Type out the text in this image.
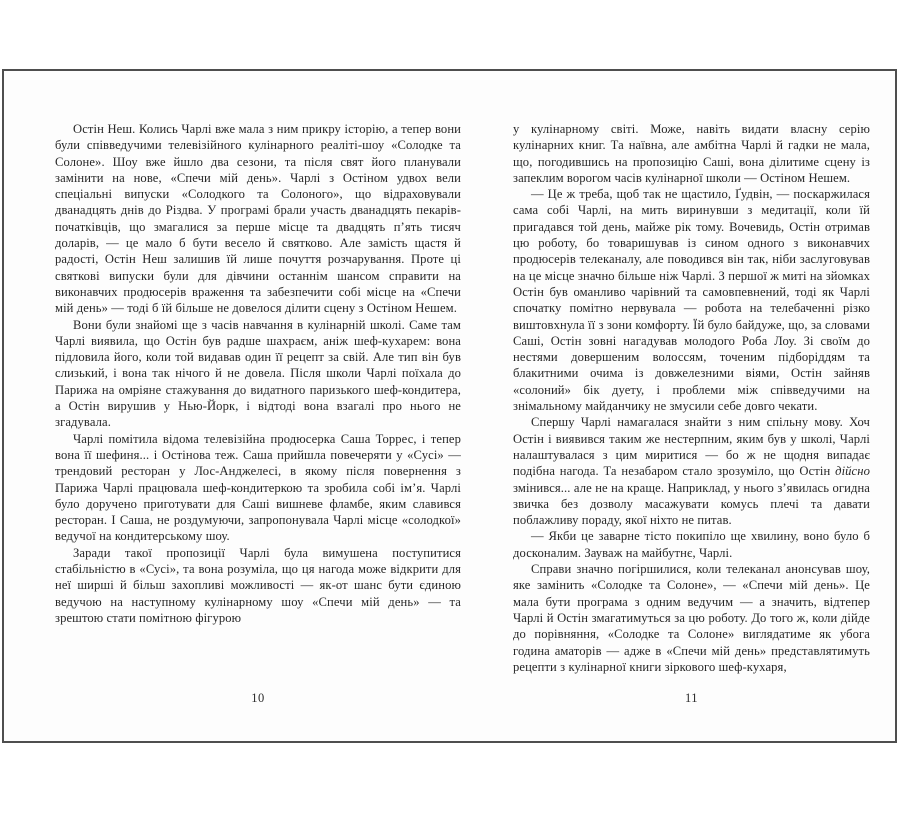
Остін Неш. Колись Чарлі вже мала з ним прикру історію, а тепер вони були співведучими телевізійного кулінарного реаліті-шоу «Солодке та Солоне». Шоу вже йшло два сезони, та після свят його планували замінити на нове, «Спечи мій день». Чарлі з Остіном удвох вели спеціальні випуски «Солодкого та Солоного», що відраховували дванадцять днів до Різдва. У програмі брали участь дванадцять пекарів-початківців, що змагалися за перше місце та двадцять п’ять тисяч доларів, — це мало б бути весело й святково. Але замість щастя й радості, Остін Неш залишив їй лише почуття розчарування. Проте ці святкові випуски були для дівчини останнім шансом справити на виконавчих продюсерів враження та забезпечити собі місце на «Спечи мій день» — тоді б їй більше не довелося ділити сцену з Остіном Нешем.

Вони були знайомі ще з часів навчання в кулінарній школі. Саме там Чарлі виявила, що Остін був радше шахраєм, аніж шеф-кухарем: вона підловила його, коли той видавав один її рецепт за свій. Але тип він був слизький, і вона так нічого й не довела. Після школи Чарлі поїхала до Парижа на омріяне стажування до видатного паризького шеф-кондитера, а Остін вирушив у Нью-Йорк, і відтоді вона взагалі про нього не згадувала.

Чарлі помітила відома телевізійна продюсерка Саша Торрес, і тепер вона її шефиня... і Остінова теж. Саша прийшла повечеряти у «Сусі» — трендовий ресторан у Лос-Анджелесі, в якому після повернення з Парижа Чарлі працювала шеф-кондитеркою та зробила собі ім’я. Чарлі було доручено приготувати для Саші вишневе фламбе, яким славився ресторан. І Саша, не роздумуючи, запропонувала Чарлі місце «солодкої» ведучої на кондитерському шоу.

Заради такої пропозиції Чарлі була вимушена поступитися стабільністю в «Сусі», та вона розуміла, що ця нагода може відкрити для неї ширші й більш захопливі можливості — як-от шанс бути єдиною ведучою на наступному кулінарному шоу «Спечи мій день» — та зрештою стати помітною фігурою

10

у кулінарному світі. Може, навіть видати власну серію кулінарних книг. Та наївна, але амбітна Чарлі й гадки не мала, що, погодившись на пропозицію Саші, вона ділитиме сцену із запеклим ворогом часів кулінарної школи — Остіном Нешем.

— Це ж треба, щоб так не щастило, Ґудвін, — поскаржилася сама собі Чарлі, на мить виринувши з медитації, коли їй пригадався той день, майже рік тому. Вочевидь, Остін отримав цю роботу, бо товаришував із сином одного з виконавчих продюсерів телеканалу, але поводився він так, ніби заслуговував на це місце значно більше ніж Чарлі. З першої ж миті на зйомках Остін був оманливо чарівний та самовпевнений, тоді як Чарлі спочатку помітно нервувала — робота на телебаченні різко виштовхнула її з зони комфорту. Їй було байдуже, що, за словами Саші, Остін зовні нагадував молодого Роба Лоу. Зі своїм до нестями довершеним волоссям, точеним підборіддям та блакитними очима із довжелезними віями, Остін зайняв «солоний» бік дуету, і проблеми між співведучими на знімальному майданчику не змусили себе довго чекати.

Спершу Чарлі намагалася знайти з ним спільну мову. Хоч Остін і виявився таким же нестерпним, яким був у школі, Чарлі налаштувалася з цим миритися — бо ж не щодня випадає подібна нагода. Та незабаром стало зрозуміло, що Остін дійсно змінився... але не на краще. Наприклад, у нього з’явилась огидна звичка без дозволу масажувати комусь плечі та давати поблажливу пораду, якої ніхто не питав.

— Якби це заварне тісто покипіло ще хвилину, воно було б досконалим. Зауваж на майбутнє, Чарлі.

Справи значно погіршилися, коли телеканал анонсував шоу, яке замінить «Солодке та Солоне», — «Спечи мій день». Це мала бути програма з одним ведучим — а значить, відтепер Чарлі й Остін змагатимуться за цю роботу. До того ж, коли дійде до порівняння, «Солодке та Солоне» виглядатиме як убога година аматорів — адже в «Спечи мій день» представлятимуть рецепти з кулінарної книги зіркового шеф-кухаря,

11
